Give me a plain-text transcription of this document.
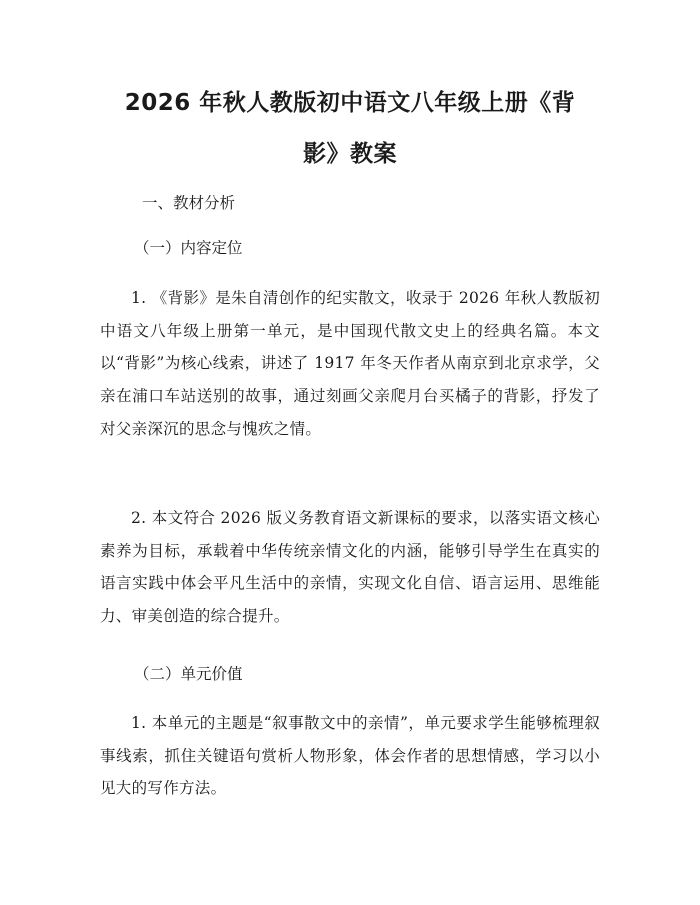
2026 年秋人教版初中语文八年级上册《背
影》教案
一、教材分析
（一）内容定位

1. 《背影》是朱自清创作的纪实散文，收录于 2026 年秋人教版初中语文八年级上册第一单元，是中国现代散文史上的经典名篇。本文以“背影”为核心线索，讲述了 1917 年冬天作者从南京到北京求学，父亲在浦口车站送别的故事，通过刻画父亲爬月台买橘子的背影，抒发了对父亲深沉的思念与愧疚之情。

2. 本文符合 2026 版义务教育语文新课标的要求，以落实语文核心素养为目标，承载着中华传统亲情文化的内涵，能够引导学生在真实的语言实践中体会平凡生活中的亲情，实现文化自信、语言运用、思维能力、审美创造的综合提升。

（二）单元价值

1. 本单元的主题是“叙事散文中的亲情”，单元要求学生能够梳理叙事线索，抓住关键语句赏析人物形象，体会作者的思想情感，学习以小见大的写作方法。
